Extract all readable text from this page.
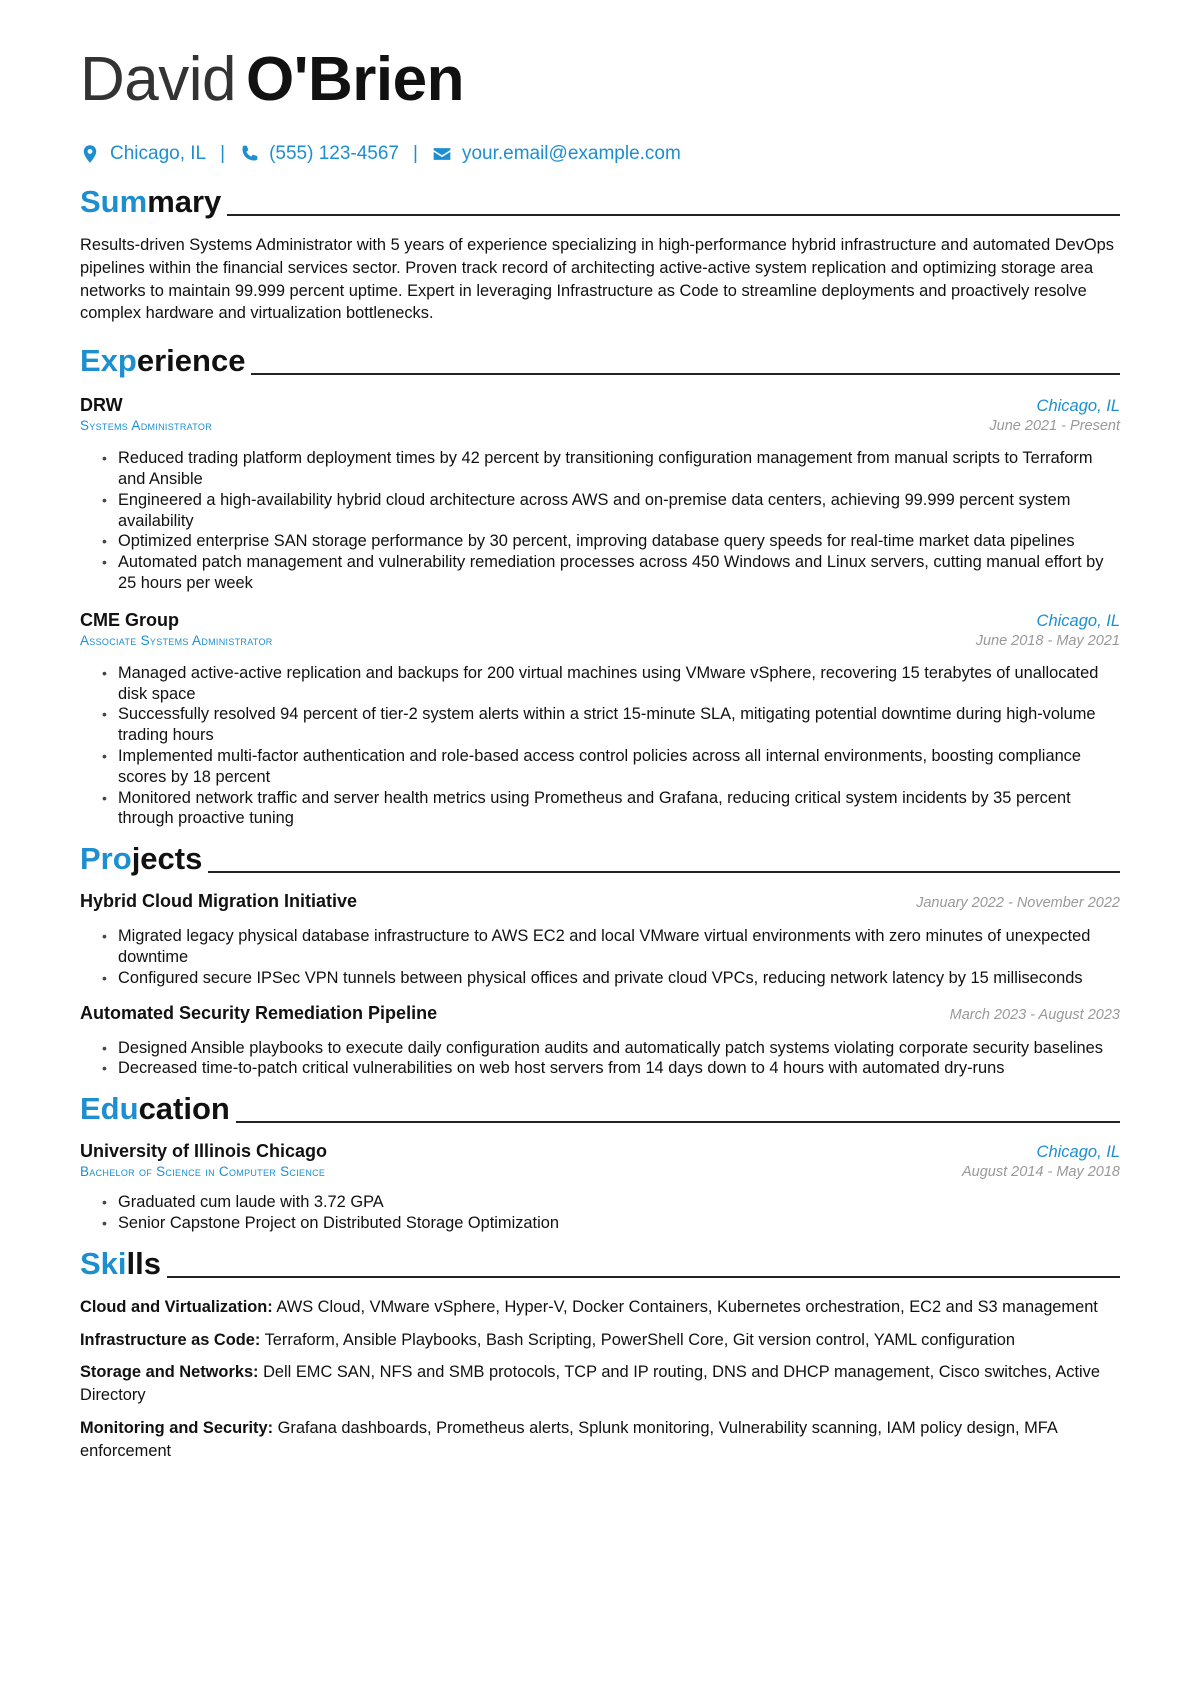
David O'Brien
Chicago, IL | (555) 123-4567 | your.email@example.com
Summary

Results-driven Systems Administrator with 5 years of experience specializing in high-performance hybrid infrastructure and automated DevOps pipelines within the financial services sector. Proven track record of architecting active-active system replication and optimizing storage area networks to maintain 99.999 percent uptime. Expert in leveraging Infrastructure as Code to streamline deployments and proactively resolve complex hardware and virtualization bottlenecks.

Experience
DRW	Chicago, IL
Systems Administrator	June 2021 - Present
• Reduced trading platform deployment times by 42 percent by transitioning configuration management from manual scripts to Terraform and Ansible
• Engineered a high-availability hybrid cloud architecture across AWS and on-premise data centers, achieving 99.999 percent system availability
• Optimized enterprise SAN storage performance by 30 percent, improving database query speeds for real-time market data pipelines
• Automated patch management and vulnerability remediation processes across 450 Windows and Linux servers, cutting manual effort by 25 hours per week
CME Group	Chicago, IL
Associate Systems Administrator	June 2018 - May 2021
• Managed active-active replication and backups for 200 virtual machines using VMware vSphere, recovering 15 terabytes of unallocated disk space
• Successfully resolved 94 percent of tier-2 system alerts within a strict 15-minute SLA, mitigating potential downtime during high-volume trading hours
• Implemented multi-factor authentication and role-based access control policies across all internal environments, boosting compliance scores by 18 percent
• Monitored network traffic and server health metrics using Prometheus and Grafana, reducing critical system incidents by 35 percent through proactive tuning
Projects
Hybrid Cloud Migration Initiative	January 2022 - November 2022
• Migrated legacy physical database infrastructure to AWS EC2 and local VMware virtual environments with zero minutes of unexpected downtime
• Configured secure IPSec VPN tunnels between physical offices and private cloud VPCs, reducing network latency by 15 milliseconds
Automated Security Remediation Pipeline	March 2023 - August 2023
• Designed Ansible playbooks to execute daily configuration audits and automatically patch systems violating corporate security baselines
• Decreased time-to-patch critical vulnerabilities on web host servers from 14 days down to 4 hours with automated dry-runs
Education
University of Illinois Chicago	Chicago, IL
Bachelor of Science in Computer Science	August 2014 - May 2018
• Graduated cum laude with 3.72 GPA
• Senior Capstone Project on Distributed Storage Optimization
Skills

Cloud and Virtualization: AWS Cloud, VMware vSphere, Hyper-V, Docker Containers, Kubernetes orchestration, EC2 and S3 management

Infrastructure as Code: Terraform, Ansible Playbooks, Bash Scripting, PowerShell Core, Git version control, YAML configuration

Storage and Networks: Dell EMC SAN, NFS and SMB protocols, TCP and IP routing, DNS and DHCP management, Cisco switches, Active Directory

Monitoring and Security: Grafana dashboards, Prometheus alerts, Splunk monitoring, Vulnerability scanning, IAM policy design, MFA enforcement
